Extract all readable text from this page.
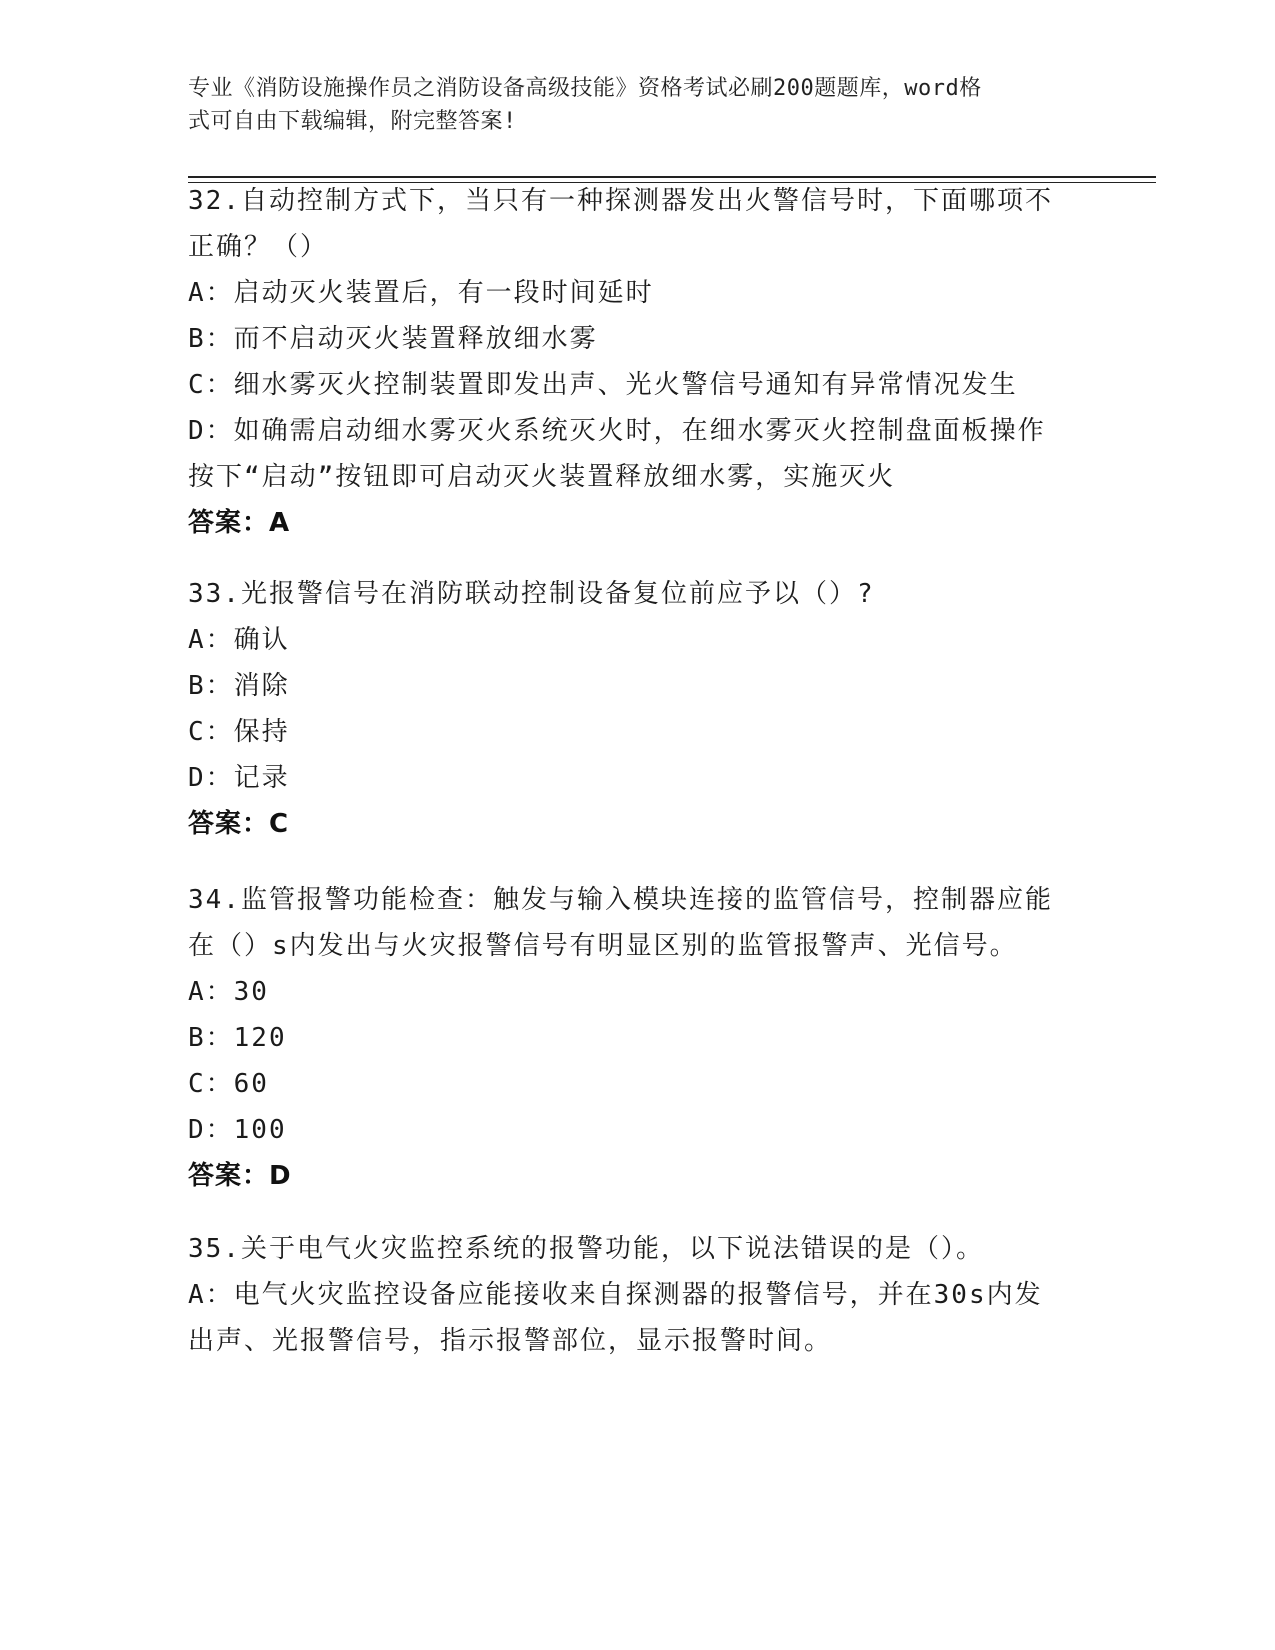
专业《消防设施操作员之消防设备高级技能》资格考试必刷200题题库，word格
式可自由下载编辑，附完整答案!
32.自动控制方式下，当只有一种探测器发出火警信号时，下面哪项不
正确？（）
A：启动灭火装置后，有一段时间延时
B：而不启动灭火装置释放细水雾
C：细水雾灭火控制装置即发出声、光火警信号通知有异常情况发生
D：如确需启动细水雾灭火系统灭火时，在细水雾灭火控制盘面板操作
按下“启动”按钮即可启动灭火装置释放细水雾，实施灭火
答案：A
33.光报警信号在消防联动控制设备复位前应予以（）?
A：确认
B：消除
C：保持
D：记录
答案：C
34.监管报警功能检查：触发与输入模块连接的监管信号，控制器应能
在（）s内发出与火灾报警信号有明显区别的监管报警声、光信号。
A：30
B：120
C：60
D：100
答案：D
35.关于电气火灾监控系统的报警功能，以下说法错误的是（）。
A：电气火灾监控设备应能接收来自探测器的报警信号，并在30s内发
出声、光报警信号，指示报警部位，显示报警时间。
